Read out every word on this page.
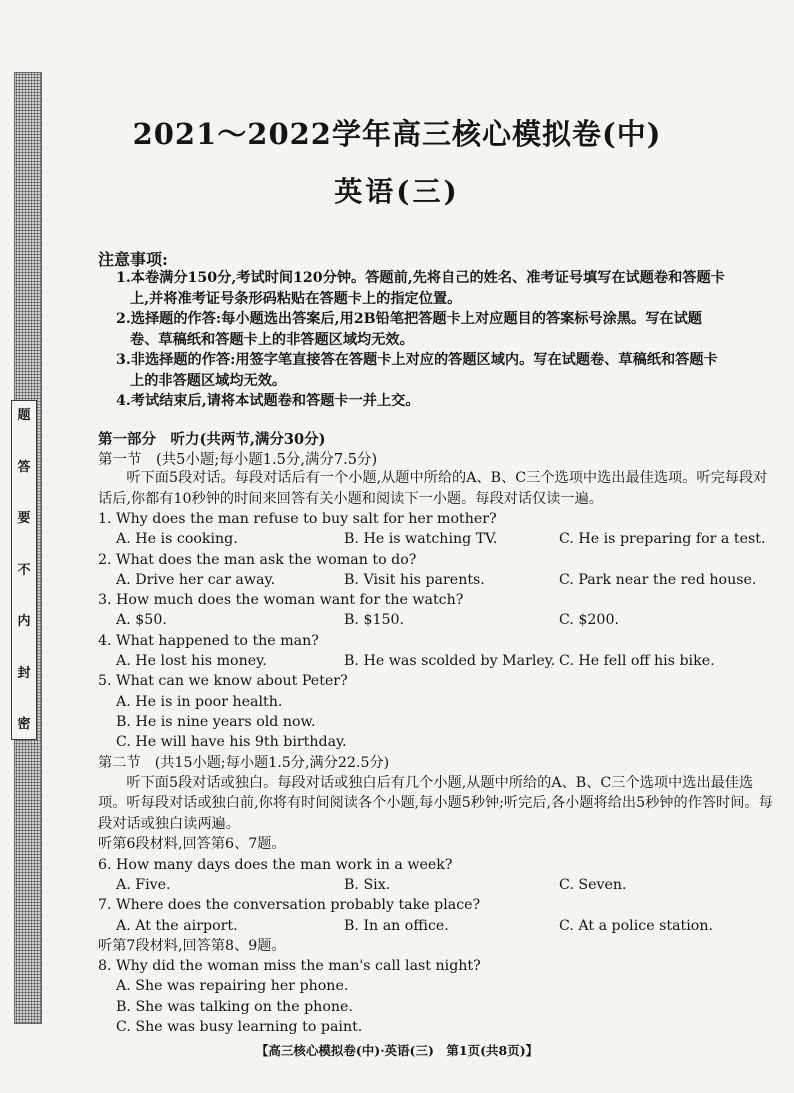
题
答
要
不
内
封
密
2021～2022学年高三核心模拟卷(中)
英语(三)
注意事项:

1.本卷满分150分,考试时间120分钟。答题前,先将自己的姓名、准考证号填写在试题卷和答题卡

上,并将准考证号条形码粘贴在答题卡上的指定位置。

2.选择题的作答:每小题选出答案后,用2B铅笔把答题卡上对应题目的答案标号涂黑。写在试题

卷、草稿纸和答题卡上的非答题区域均无效。

3.非选择题的作答:用签字笔直接答在答题卡上对应的答题区域内。写在试题卷、草稿纸和答题卡

上的非答题区域均无效。

4.考试结束后,请将本试题卷和答题卡一并上交。

第一部分　听力(共两节,满分30分)
第一节　(共5小题;每小题1.5分,满分7.5分)

听下面5段对话。每段对话后有一个小题,从题中所给的A、B、C三个选项中选出最佳选项。听完每段对话后,你都有10秒钟的时间来回答有关小题和阅读下一小题。每段对话仅读一遍。

1. Why does the man refuse to buy salt for her mother?

A. He is cooking.	B. He is watching TV.	C. He is preparing for a test.

2. What does the man ask the woman to do?

A. Drive her car away.	B. Visit his parents.	C. Park near the red house.

3. How much does the woman want for the watch?

A. $50.	B. $150.	C. $200.

4. What happened to the man?

A. He lost his money.	B. He was scolded by Marley. C. He fell off his bike.

5. What can we know about Peter?

A. He is in poor health.

B. He is nine years old now.

C. He will have his 9th birthday.

第二节　(共15小题;每小题1.5分,满分22.5分)

听下面5段对话或独白。每段对话或独白后有几个小题,从题中所给的A、B、C三个选项中选出最佳选项。听每段对话或独白前,你将有时间阅读各个小题,每小题5秒钟;听完后,各小题将给出5秒钟的作答时间。每段对话或独白读两遍。

听第6段材料,回答第6、7题。

6. How many days does the man work in a week?

A. Five.	B. Six.	C. Seven.

7. Where does the conversation probably take place?

A. At the airport.	B. In an office.	C. At a police station.

听第7段材料,回答第8、9题。

8. Why did the woman miss the man's call last night?

A. She was repairing her phone.

B. She was talking on the phone.

C. She was busy learning to paint.

【高三核心模拟卷(中)·英语(三)　第1页(共8页)】
